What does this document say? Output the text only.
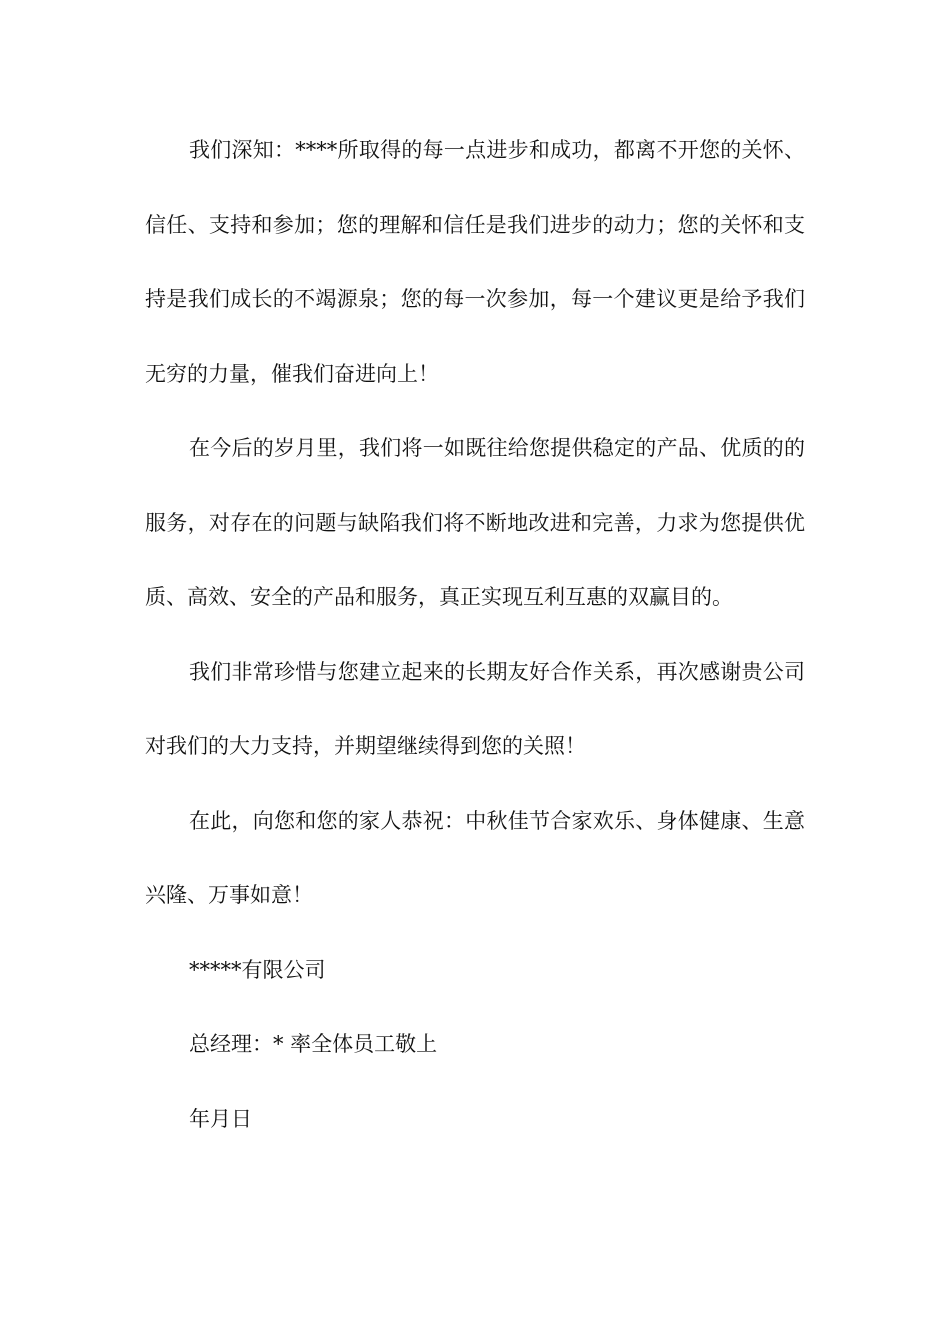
我们深知：****所取得的每一点进步和成功，都离不开您的关怀、信任、支持和参加；您的理解和信任是我们进步的动力；您的关怀和支持是我们成长的不竭源泉；您的每一次参加，每一个建议更是给予我们无穷的力量，催我们奋进向上！

在今后的岁月里，我们将一如既往给您提供稳定的产品、优质的的服务，对存在的问题与缺陷我们将不断地改进和完善，力求为您提供优质、高效、安全的产品和服务，真正实现互利互惠的双赢目的。

我们非常珍惜与您建立起来的长期友好合作关系，再次感谢贵公司对我们的大力支持，并期望继续得到您的关照！

在此，向您和您的家人恭祝：中秋佳节合家欢乐、身体健康、生意兴隆、万事如意！

*****有限公司

总经理：* 率全体员工敬上

年月日
